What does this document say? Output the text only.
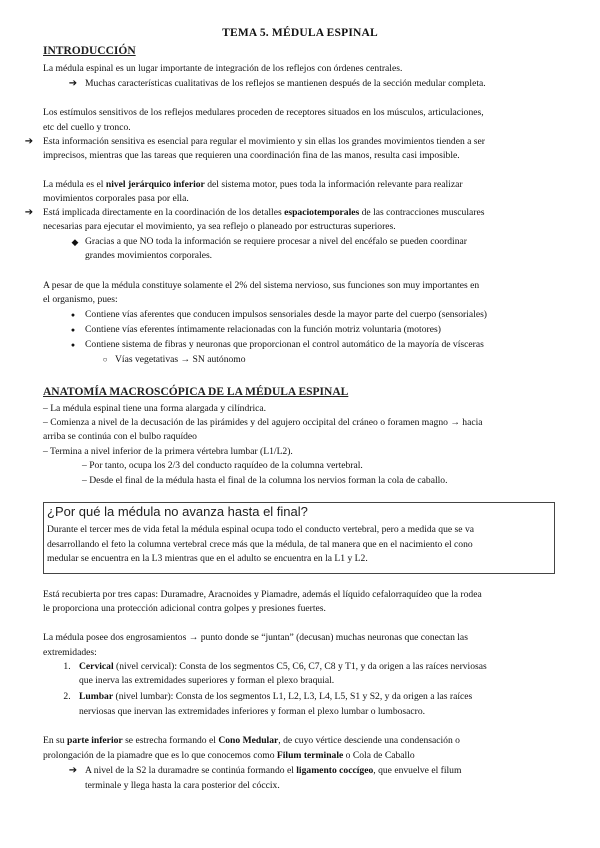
TEMA 5. MÉDULA ESPINAL
INTRODUCCIÓN
La médula espinal es un lugar importante de integración de los reflejos con órdenes centrales.
➔ Muchas características cualitativas de los reflejos se mantienen después de la sección medular completa.
Los estímulos sensitivos de los reflejos medulares proceden de receptores situados en los músculos, articulaciones,
etc del cuello y tronco.
➔	Esta información sensitiva es esencial para regular el movimiento y sin ellas los grandes movimientos tienden a ser
imprecisos, mientras que las tareas que requieren una coordinación fina de las manos, resulta casi imposible.
La médula es el nivel jerárquico inferior del sistema motor, pues toda la información relevante para realizar
movimientos corporales pasa por ella.
➔	Está implicada directamente en la coordinación de los detalles espaciotemporales de las contracciones musculares
necesarias para ejecutar el movimiento, ya sea reflejo o planeado por estructuras superiores.
◆ Gracias a que NO toda la información se requiere procesar a nivel del encéfalo se pueden coordinar
grandes movimientos corporales.
A pesar de que la médula constituye solamente el 2% del sistema nervioso, sus funciones son muy importantes en
el organismo, pues:
●	Contiene vías aferentes que conducen impulsos sensoriales desde la mayor parte del cuerpo (sensoriales)
●	Contiene vías eferentes íntimamente relacionadas con la función motriz voluntaria (motores)
●	Contiene sistema de fibras y neuronas que proporcionan el control automático de la mayoría de vísceras
○ Vías vegetativas → SN autónomo
ANATOMÍA MACROSCÓPICA DE LA MÉDULA ESPINAL
– La médula espinal tiene una forma alargada y cilíndrica.
– Comienza a nivel de la decusación de las pirámides y del agujero occipital del cráneo o foramen magno → hacia
arriba se continúa con el bulbo raquídeo
– Termina a nivel inferior de la primera vértebra lumbar (L1/L2).
– Por tanto, ocupa los 2/3 del conducto raquídeo de la columna vertebral.
– Desde el final de la médula hasta el final de la columna los nervios forman la cola de caballo.
¿Por qué la médula no avanza hasta el final?
Durante el tercer mes de vida fetal la médula espinal ocupa todo el conducto vertebral, pero a medida que se va
desarrollando el feto la columna vertebral crece más que la médula, de tal manera que en el nacimiento el cono
medular se encuentra en la L3 mientras que en el adulto se encuentra en la L1 y L2.
Está recubierta por tres capas: Duramadre, Aracnoides y Piamadre, además el líquido cefalorraquídeo que la rodea
le proporciona una protección adicional contra golpes y presiones fuertes.
La médula posee dos engrosamientos → punto donde se “juntan” (decusan) muchas neuronas que conectan las
extremidades:
1. Cervical (nivel cervical): Consta de los segmentos C5, C6, C7, C8 y T1, y da origen a las raíces nerviosas
que inerva las extremidades superiores y forman el plexo braquial.
2. Lumbar (nivel lumbar): Consta de los segmentos L1, L2, L3, L4, L5, S1 y S2, y da origen a las raíces
nerviosas que inervan las extremidades inferiores y forman el plexo lumbar o lumbosacro.
En su parte inferior se estrecha formando el Cono Medular, de cuyo vértice desciende una condensación o
prolongación de la piamadre que es lo que conocemos como Filum terminale o Cola de Caballo
➔ A nivel de la S2 la duramadre se continúa formando el ligamento coccígeo, que envuelve el filum
terminale y llega hasta la cara posterior del cóccix.
